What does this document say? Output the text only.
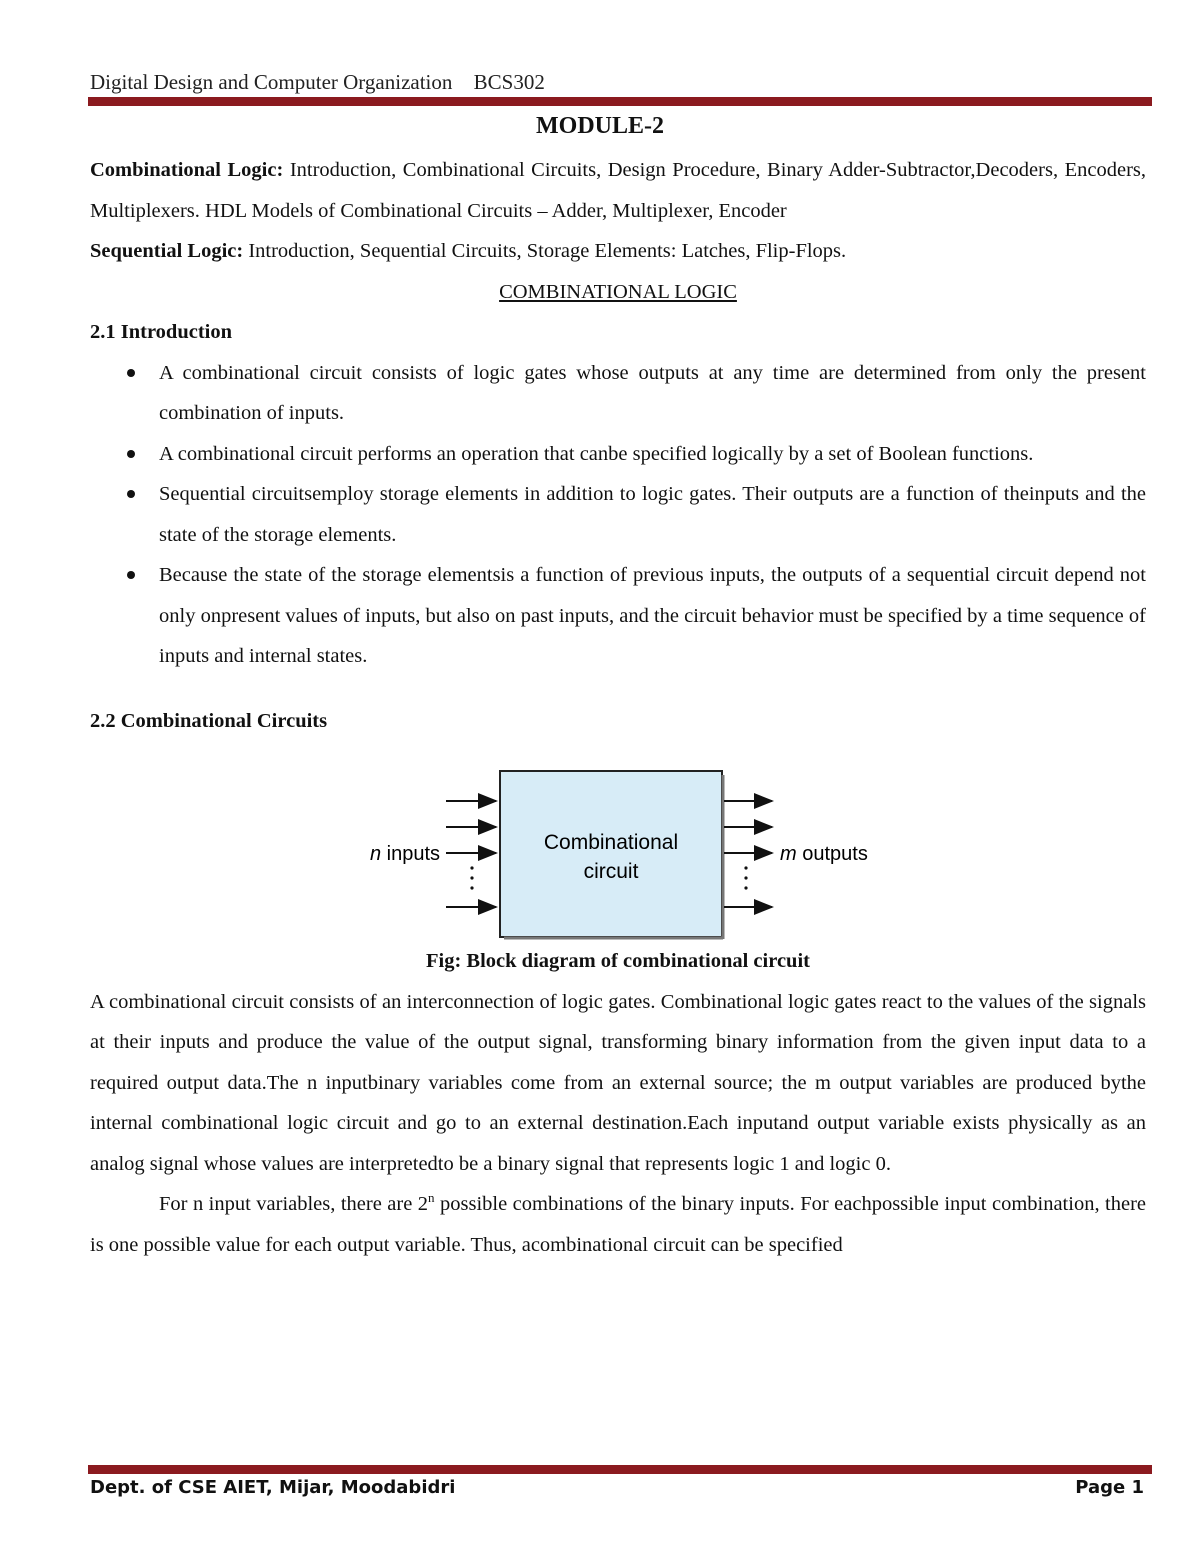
Digital Design and Computer Organization BCS302
MODULE-2

Combinational Logic: Introduction, Combinational Circuits, Design Procedure, Binary Adder-Subtractor,Decoders, Encoders, Multiplexers. HDL Models of Combinational Circuits – Adder, Multiplexer, Encoder

Sequential Logic: Introduction, Sequential Circuits, Storage Elements: Latches, Flip-Flops.

COMBINATIONAL LOGIC

2.1 Introduction

A combinational circuit consists of logic gates whose outputs at any time are determined from only the present combination of inputs.
A combinational circuit performs an operation that canbe specified logically by a set of Boolean functions.
Sequential circuitsemploy storage elements in addition to logic gates. Their outputs are a function of theinputs and the state of the storage elements.
Because the state of the storage elementsis a function of previous inputs, the outputs of a sequential circuit depend not only onpresent values of inputs, but also on past inputs, and the circuit behavior must be specified by a time sequence of inputs and internal states.

2.2 Combinational Circuits

Combinational
circuit
n inputs	m outputs

Fig: Block diagram of combinational circuit

A combinational circuit consists of an interconnection of logic gates. Combinational logic gates react to the values of the signals at their inputs and produce the value of the output signal, transforming binary information from the given input data to a required output data.The n inputbinary variables come from an external source; the m output variables are produced bythe internal combinational logic circuit and go to an external destination.Each inputand output variable exists physically as an analog signal whose values are interpretedto be a binary signal that represents logic 1 and logic 0.

For n input variables, there are 2$^n$ possible combinations of the binary inputs. For eachpossible input combination, there is one possible value for each output variable. Thus, acombinational circuit can be specified

Dept. of CSE AIET, Mijar, Moodabidri	Page 1
